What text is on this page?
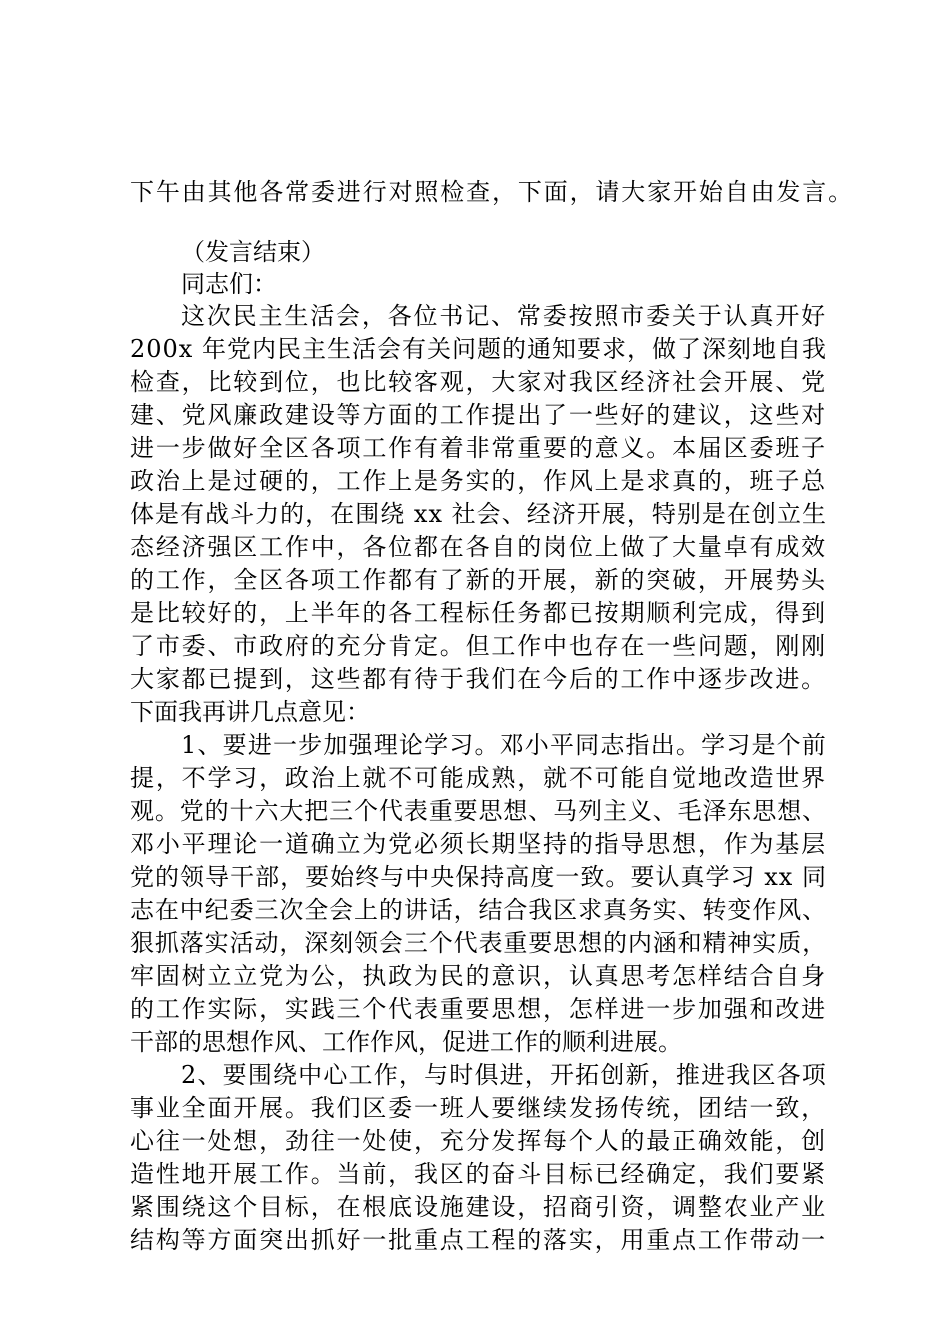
下午由其他各常委进行对照检查，下面，请大家开始自由发言。
（发言结束）
同志们：
这次民主生活会，各位书记、常委按照市委关于认真开好
200x 年党内民主生活会有关问题的通知要求，做了深刻地自我
检查，比较到位，也比较客观，大家对我区经济社会开展、党
建、党风廉政建设等方面的工作提出了一些好的建议，这些对
进一步做好全区各项工作有着非常重要的意义。本届区委班子
政治上是过硬的，工作上是务实的，作风上是求真的，班子总
体是有战斗力的，在围绕 xx 社会、经济开展，特别是在创立生
态经济强区工作中，各位都在各自的岗位上做了大量卓有成效
的工作，全区各项工作都有了新的开展，新的突破，开展势头
是比较好的，上半年的各工程标任务都已按期顺利完成，得到
了市委、市政府的充分肯定。但工作中也存在一些问题，刚刚
大家都已提到，这些都有待于我们在今后的工作中逐步改进。
下面我再讲几点意见：
1、要进一步加强理论学习。邓小平同志指出。学习是个前
提，不学习，政治上就不可能成熟，就不可能自觉地改造世界
观。党的十六大把三个代表重要思想、马列主义、毛泽东思想、
邓小平理论一道确立为党必须长期坚持的指导思想，作为基层
党的领导干部，要始终与中央保持高度一致。要认真学习 xx 同
志在中纪委三次全会上的讲话，结合我区求真务实、转变作风、
狠抓落实活动，深刻领会三个代表重要思想的内涵和精神实质，
牢固树立立党为公，执政为民的意识，认真思考怎样结合自身
的工作实际，实践三个代表重要思想，怎样进一步加强和改进
干部的思想作风、工作作风，促进工作的顺利进展。
2、要围绕中心工作，与时俱进，开拓创新，推进我区各项
事业全面开展。我们区委一班人要继续发扬传统，团结一致，
心往一处想，劲往一处使，充分发挥每个人的最正确效能，创
造性地开展工作。当前，我区的奋斗目标已经确定，我们要紧
紧围绕这个目标，在根底设施建设，招商引资，调整农业产业
结构等方面突出抓好一批重点工程的落实，用重点工作带动一
